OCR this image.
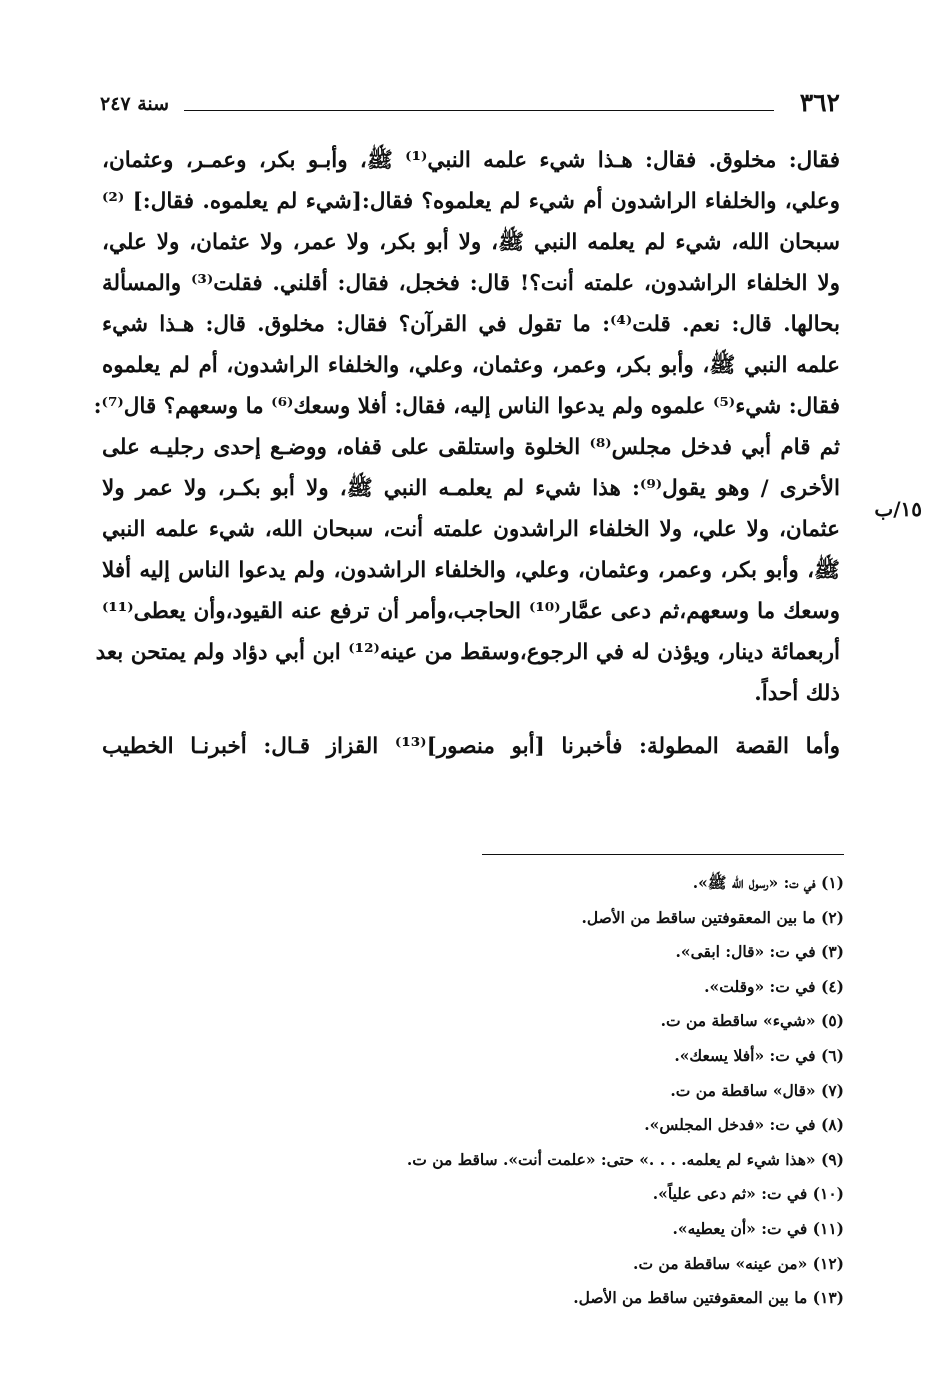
٣٦٢
سنة ٢٤٧
١٥/ب
فقال: مخلوق. فقال: هـذا شيء علمه النبي⁽¹⁾ ﷺ، وأبـو بكر، وعمـر، وعثمان،
وعلي، والخلفاء الراشدون أم شيء لم يعلموه؟ فقال:[شيء لم يعلموه. فقال:] ⁽²⁾
سبحان الله، شيء لم يعلمه النبي ﷺ، ولا أبو بكر، ولا عمر، ولا عثمان، ولا علي،
ولا الخلفاء الراشدون، علمته أنت؟! قال: فخجل، فقال: أقلني. فقلت⁽³⁾ والمسألة
بحالها. قال: نعم. قلت⁽⁴⁾: ما تقول في القرآن؟ فقال: مخلوق. قال: هـذا شيء
علمه النبي ﷺ، وأبو بكر، وعمر، وعثمان، وعلي، والخلفاء الراشدون، أم لم يعلموه
فقال: شيء⁽⁵⁾ علموه ولم يدعوا الناس إليه، فقال: أفلا وسعك⁽⁶⁾ ما وسعهم؟ قال⁽⁷⁾:
ثم قام أبي فدخل مجلس⁽⁸⁾ الخلوة واستلقى على قفاه، ووضـع إحدى رجليـه على
الأخرى / وهو يقول⁽⁹⁾: هذا شيء لم يعلمـه النبي ﷺ، ولا أبو بكـر، ولا عمر ولا
عثمان، ولا علي، ولا الخلفاء الراشدون علمته أنت، سبحان الله، شيء علمه النبي
ﷺ، وأبو بكر، وعمر، وعثمان، وعلي، والخلفاء الراشدون، ولم يدعوا الناس إليه أفلا
وسعك ما وسعهم،ثم دعى عمَّار⁽¹⁰⁾ الحاجب،وأمر أن ترفع عنه القيود،وأن يعطى⁽¹¹⁾
أربعمائة دينار، ويؤذن له في الرجوع،وسقط من عينه⁽¹²⁾ ابن أبي دؤاد ولم يمتحن بعد
ذلك أحداً.
وأما القصة المطولة: فأخبرنا [أبو منصور]⁽¹³⁾ القزاز قـال: أخبرنـا الخطيب
(١) في ت: «رسول الله ﷺ».
(٢) ما بين المعقوفتين ساقط من الأصل.
(٣) في ت: «قال: ابقى».
(٤) في ت: «وقلت».
(٥) «شيء» ساقطة من ت.
(٦) في ت: «أفلا يسعك».
(٧) «قال» ساقطة من ت.
(٨) في ت: «فدخل المجلس».
(٩) «هذا شيء لم يعلمه. . . .» حتى: «علمت أنت». ساقط من ت.
(١٠) في ت: «ثم دعى علياً».
(١١) في ت: «أن يعطيه».
(١٢) «من عينه» ساقطة من ت.
(١٣) ما بين المعقوفتين ساقط من الأصل.
